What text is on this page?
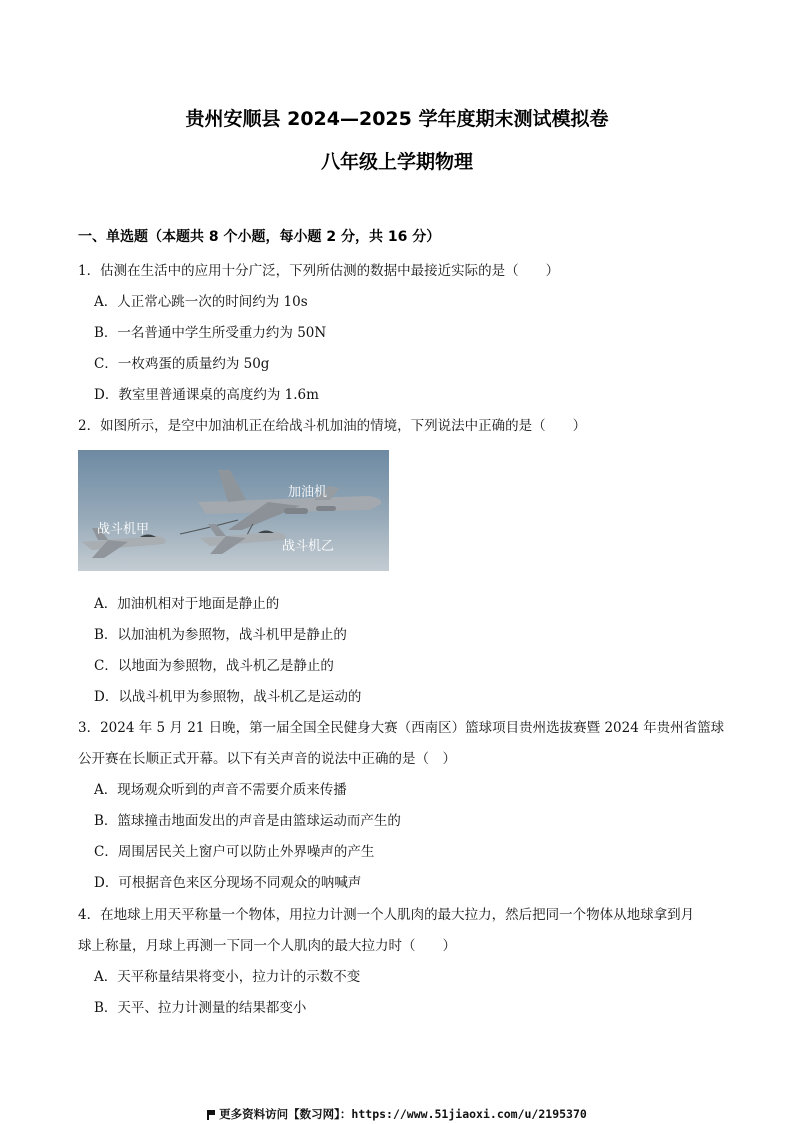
贵州安顺县 2024—2025 学年度期末测试模拟卷
八年级上学期物理
一、单选题（本题共 8 个小题，每小题 2 分，共 16 分）
1．估测在生活中的应用十分广泛，下列所估测的数据中最接近实际的是（　　）
A．人正常心跳一次的时间约为 10s
B．一名普通中学生所受重力约为 50N
C．一枚鸡蛋的质量约为 50g
D．教室里普通课桌的高度约为 1.6m
2．如图所示，是空中加油机正在给战斗机加油的情境，下列说法中正确的是（　　）
加油机
战斗机甲
战斗机乙
A．加油机相对于地面是静止的
B．以加油机为参照物，战斗机甲是静止的
C．以地面为参照物，战斗机乙是静止的
D．以战斗机甲为参照物，战斗机乙是运动的
3．2024 年 5 月 21 日晚，第一届全国全民健身大赛（西南区）篮球项目贵州选拔赛暨 2024 年贵州省篮球
公开赛在长顺正式开幕。以下有关声音的说法中正确的是（　）
A．现场观众听到的声音不需要介质来传播
B．篮球撞击地面发出的声音是由篮球运动而产生的
C．周围居民关上窗户可以防止外界噪声的产生
D．可根据音色来区分现场不同观众的呐喊声
4．在地球上用天平称量一个物体，用拉力计测一个人肌肉的最大拉力，然后把同一个物体从地球拿到月
球上称量，月球上再测一下同一个人肌肉的最大拉力时（　　）
A．天平称量结果将变小，拉力计的示数不变
B．天平、拉力计测量的结果都变小
更多资料访问【数习网】：https://www.51jiaoxi.com/u/2195370
